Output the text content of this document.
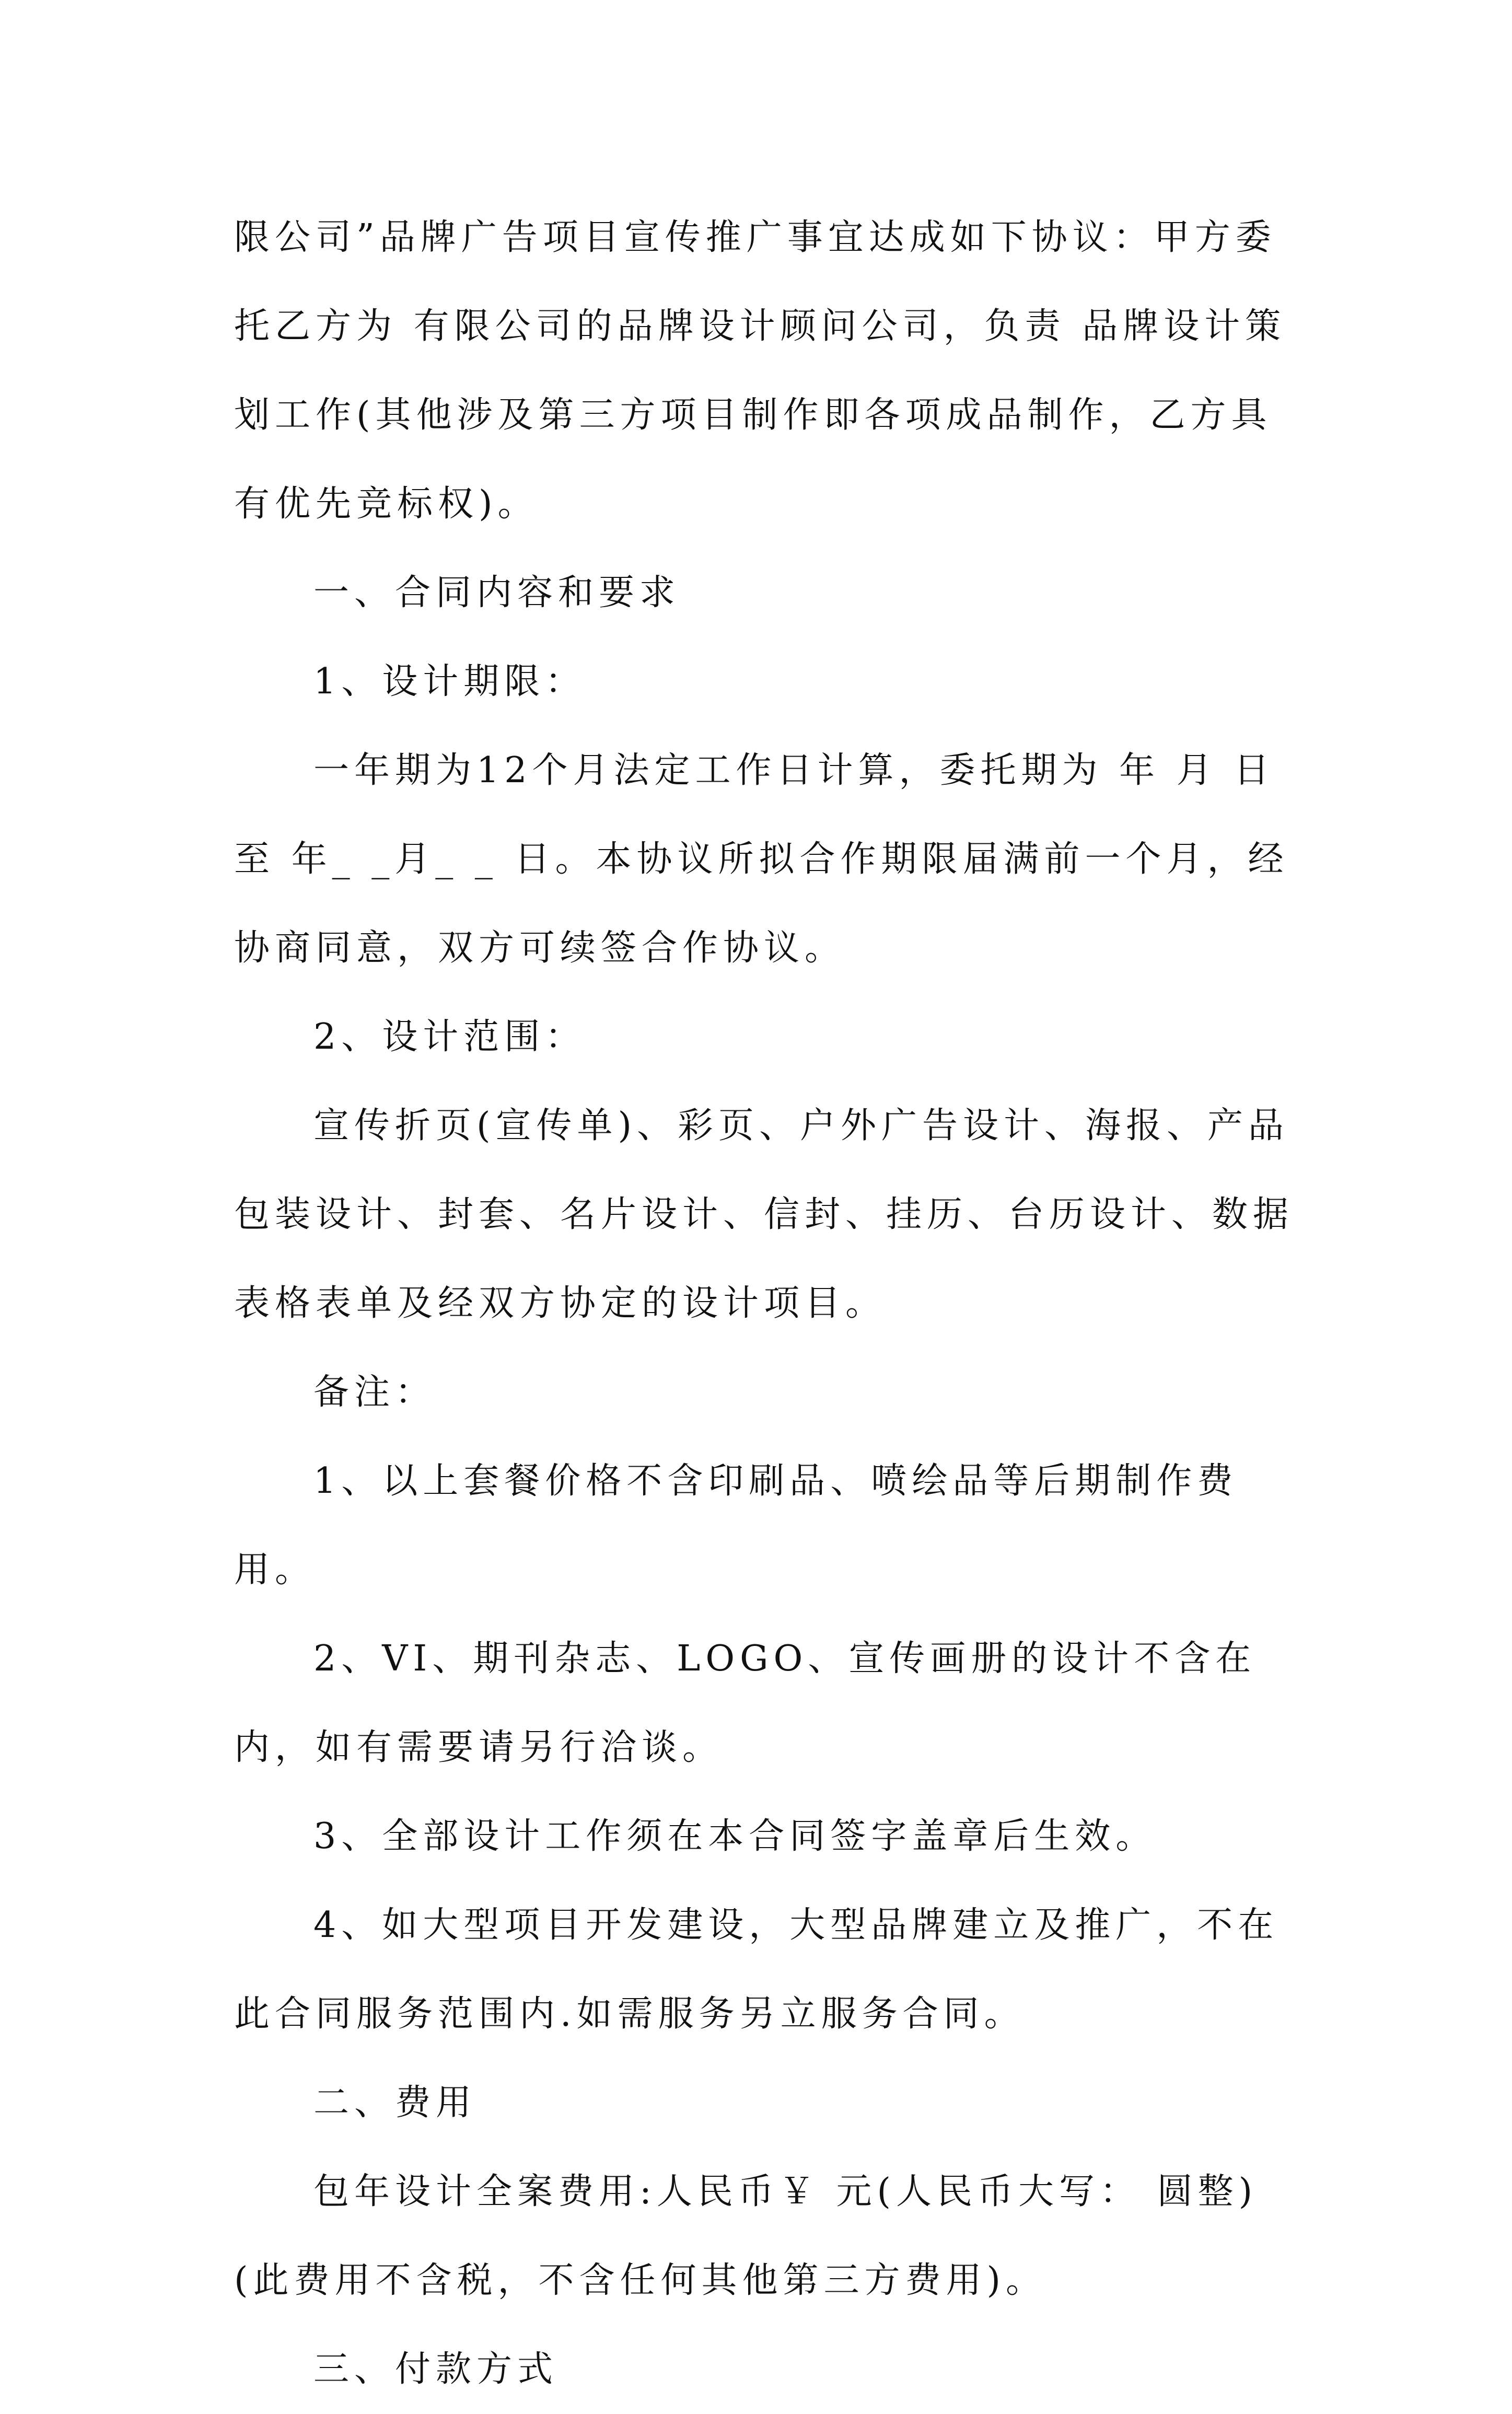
限公司”品牌广告项目宣传推广事宜达成如下协议：甲方委托乙方为 有限公司的品牌设计顾问公司，负责 品牌设计策划工作(其他涉及第三方项目制作即各项成品制作，乙方具有优先竞标权)。

一、合同内容和要求

1、设计期限：

一年期为12个月法定工作日计算，委托期为 年 月 日至 年_ _月_ _ 日。本协议所拟合作期限届满前一个月，经协商同意，双方可续签合作协议。

2、设计范围：

宣传折页(宣传单)、彩页、户外广告设计、海报、产品包装设计、封套、名片设计、信封、挂历、台历设计、数据表格表单及经双方协定的设计项目。

备注：

1、以上套餐价格不含印刷品、喷绘品等后期制作费用。

2、VI、期刊杂志、LOGO、宣传画册的设计不含在内，如有需要请另行洽谈。

3、全部设计工作须在本合同签字盖章后生效。

4、如大型项目开发建设，大型品牌建立及推广，不在此合同服务范围内.如需服务另立服务合同。

二、费用

包年设计全案费用:人民币￥ 元(人民币大写： 圆整)(此费用不含税，不含任何其他第三方费用)。

三、付款方式
